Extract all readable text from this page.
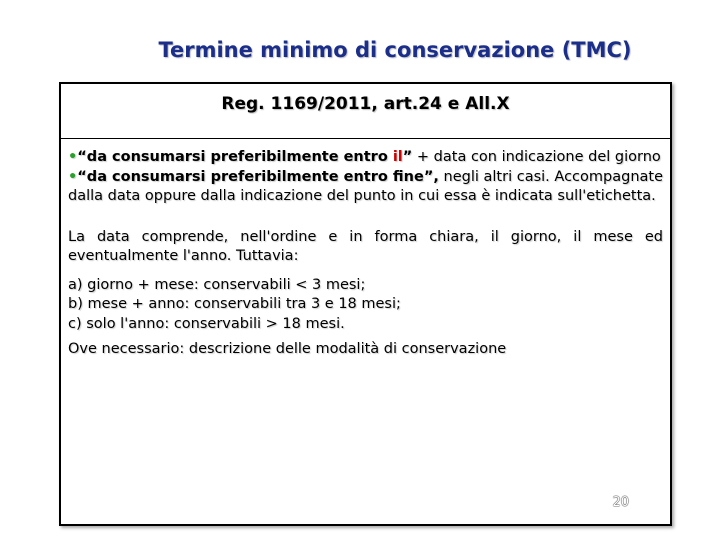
Termine minimo di conservazione (TMC)
Reg. 1169/2011, art.24 e All.X

•“da consumarsi preferibilmente entro il” + data con indicazione del giorno

•“da consumarsi preferibilmente entro fine”, negli altri casi. Accompagnate dalla data oppure dalla indicazione del punto in cui essa è indicata sull'etichetta.

La data comprende, nell'ordine e in forma chiara, il giorno, il mese ed eventualmente l'anno. Tuttavia:

a) giorno + mese: conservabili < 3 mesi;

b) mese + anno: conservabili tra 3 e 18 mesi;

c) solo l'anno: conservabili > 18 mesi.

Ove necessario: descrizione delle modalità di conservazione

20
